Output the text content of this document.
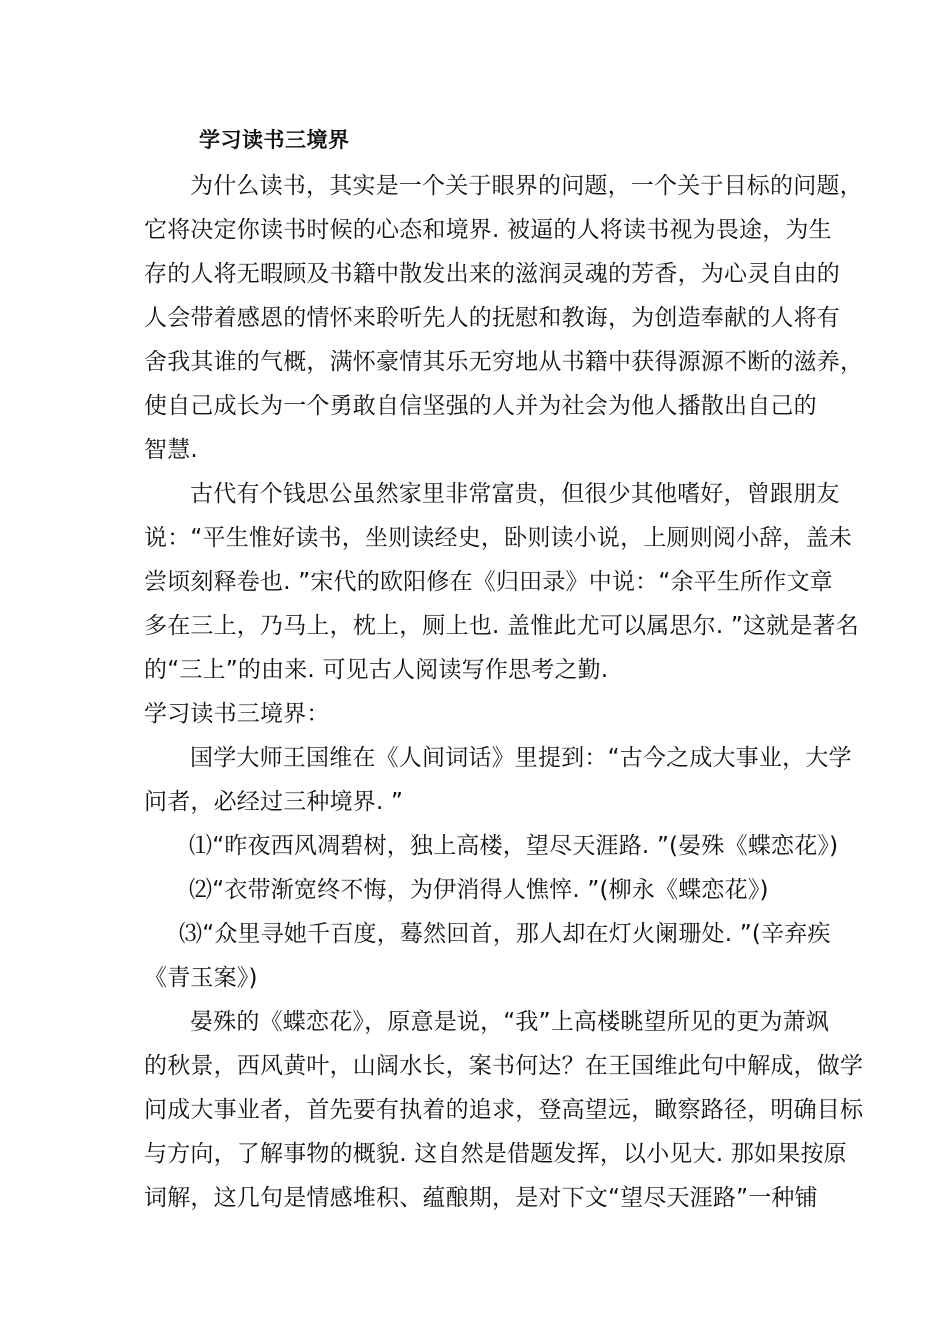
学习读书三境界
为什么读书，其实是一个关于眼界的问题，一个关于目标的问题，
它将决定你读书时候的心态和境界. 被逼的人将读书视为畏途，为生
存的人将无暇顾及书籍中散发出来的滋润灵魂的芳香，为心灵自由的
人会带着感恩的情怀来聆听先人的抚慰和教诲，为创造奉献的人将有
舍我其谁的气概，满怀豪情其乐无穷地从书籍中获得源源不断的滋养，
使自己成长为一个勇敢自信坚强的人并为社会为他人播散出自己的
智慧.
古代有个钱思公虽然家里非常富贵，但很少其他嗜好，曾跟朋友
说：“平生惟好读书，坐则读经史，卧则读小说，上厕则阅小辞，盖未
尝顷刻释卷也. ”宋代的欧阳修在《归田录》中说：“余平生所作文章
多在三上，乃马上，枕上，厕上也. 盖惟此尤可以属思尔. ”这就是著名
的“三上”的由来. 可见古人阅读写作思考之勤.
学习读书三境界：
国学大师王国维在《人间词话》里提到：“古今之成大事业，大学
问者，必经过三种境界. ”
⑴“昨夜西风凋碧树，独上高楼，望尽天涯路. ”(晏殊《蝶恋花》)
⑵“衣带渐宽终不悔，为伊消得人憔悴. ”(柳永《蝶恋花》)
⑶“众里寻她千百度，蓦然回首，那人却在灯火阑珊处. ”(辛弃疾
《青玉案》)
晏殊的《蝶恋花》，原意是说，“我”上高楼眺望所见的更为萧飒
的秋景，西风黄叶，山阔水长，案书何达？在王国维此句中解成，做学
问成大事业者，首先要有执着的追求，登高望远，瞰察路径，明确目标
与方向，了解事物的概貌. 这自然是借题发挥，以小见大. 那如果按原
词解，这几句是情感堆积、蕴酿期，是对下文“望尽天涯路”一种铺
